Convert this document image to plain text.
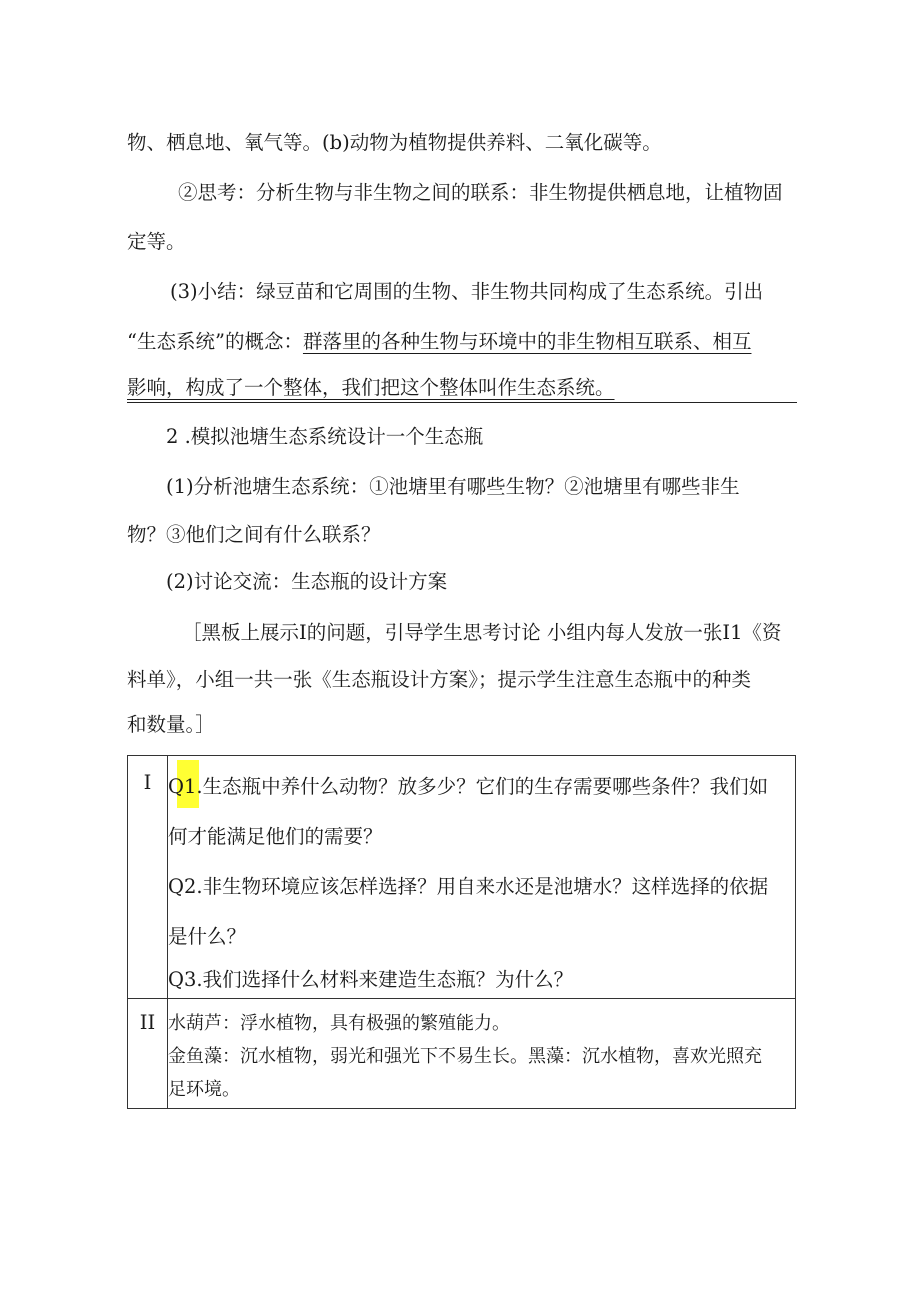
物、栖息地、氧气等。(b)动物为植物提供养料、二氧化碳等。
②思考：分析生物与非生物之间的联系：非生物提供栖息地，让植物固
定等。
(3)小结：绿豆苗和它周围的生物、非生物共同构成了生态系统。引出
“生态系统”的概念：群落里的各种生物与环境中的非生物相互联系、相互
影响，构成了一个整体，我们把这个整体叫作生态系统。
2 .模拟池塘生态系统设计一个生态瓶
(1)分析池塘生态系统：①池塘里有哪些生物？②池塘里有哪些非生
物？③他们之间有什么联系？
(2)讨论交流：生态瓶的设计方案
［黑板上展示I的问题，引导学生思考讨论 小组内每人发放一张I1《资
料单》，小组一共一张《生态瓶设计方案》；提示学生注意生态瓶中的种类
和数量。］
I	Q1.生态瓶中养什么动物？放多少？它们的生存需要哪些条件？我们如
何才能满足他们的需要？
Q2.非生物环境应该怎样选择？用自来水还是池塘水？这样选择的依据
是什么？
Q3.我们选择什么材料来建造生态瓶？为什么？

II	水葫芦：浮水植物，具有极强的繁殖能力。
金鱼藻：沉水植物，弱光和强光下不易生长。黑藻：沉水植物，喜欢光照充
足环境。
